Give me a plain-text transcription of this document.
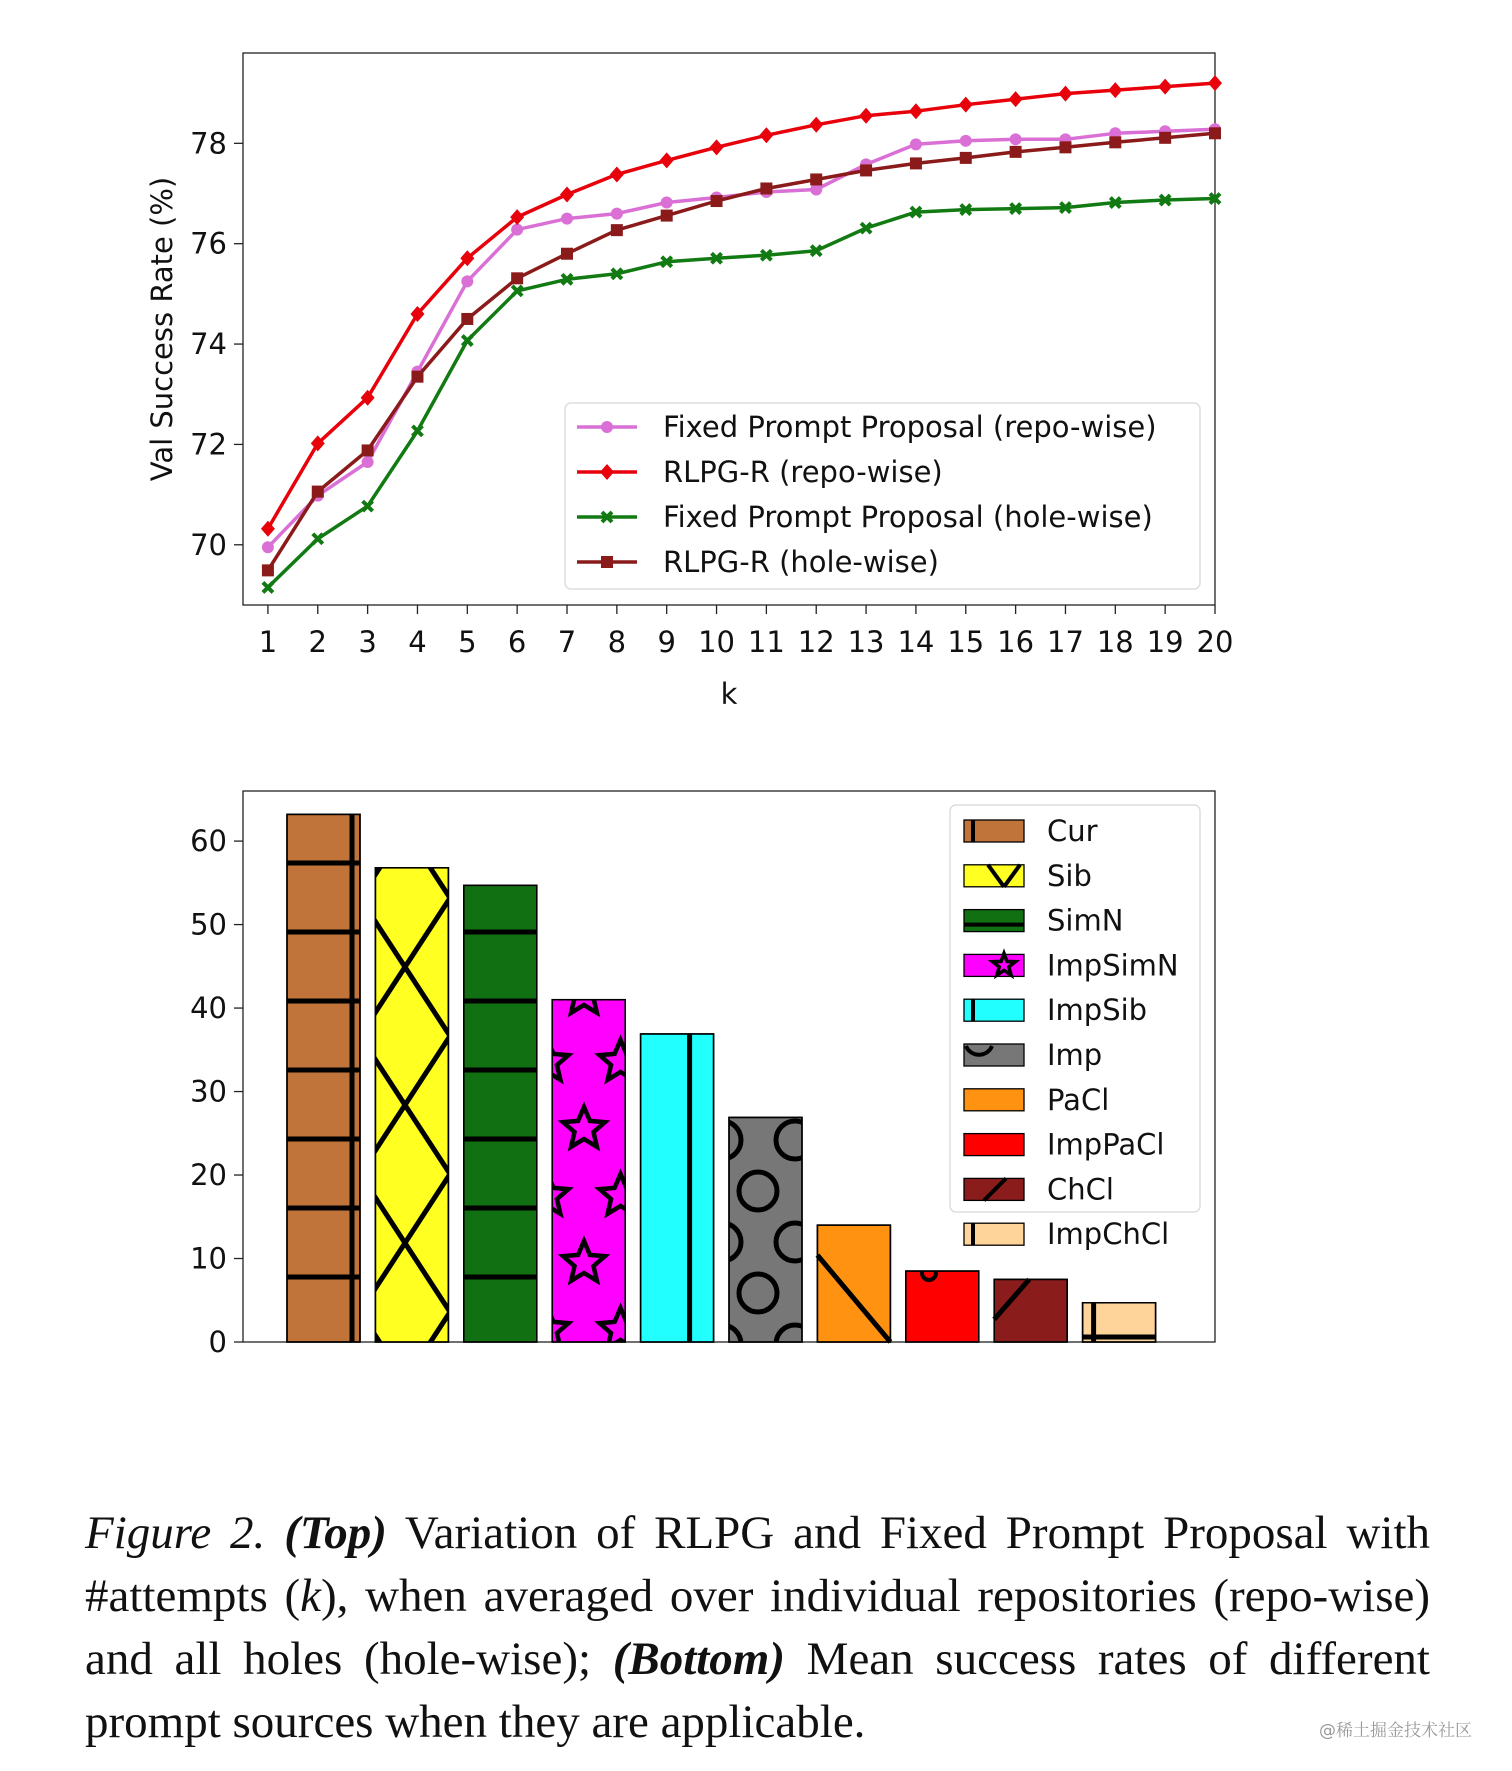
70
72
74
76
78
1 2 3 4 5 6 7 8 9 10 11 12 13 14 15 16 17 18 19 20
k
Val Success Rate (%)	Fixed Prompt Proposal (repo-wise)
RLPG-R (repo-wise)
Fixed Prompt Proposal (hole-wise)
RLPG-R (hole-wise)
0
10
20
30
40
50
60	Cur
Sib
SimN
ImpSimN
ImpSib
Imp
PaCl
ImpPaCl
ChCl
ImpChCl
Figure 2. (Top) Variation of RLPG and Fixed Prompt Proposal with #attempts (k), when averaged over individual repositories (repo-wise) and all holes (hole-wise); (Bottom) Mean success rates of different prompt sources when they are applicable.	@稀土掘金技术社区
